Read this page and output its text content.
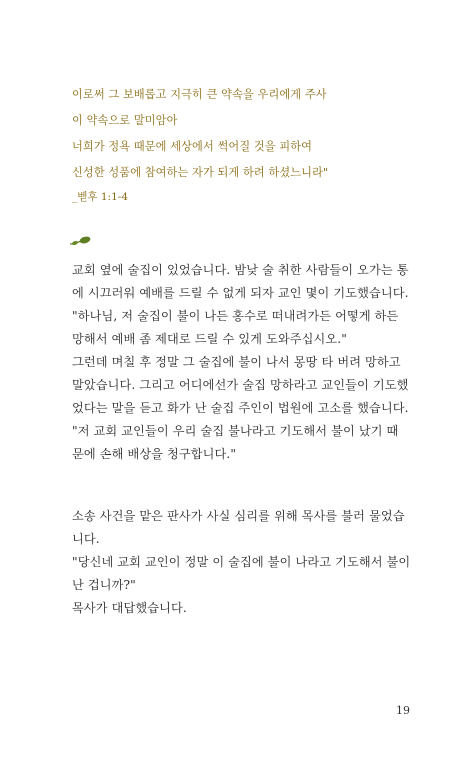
이로써 그 보배롭고 지극히 큰 약속을 우리에게 주사
이 약속으로 말미암아
너희가 정욕 때문에 세상에서 썩어질 것을 피하여
신성한 성품에 참여하는 자가 되게 하려 하셨느니라"
_벧후 1:1-4
교회 옆에 술집이 있었습니다. 밤낮 술 취한 사람들이 오가는 통
에 시끄러워 예배를 드릴 수 없게 되자 교인 몇이 기도했습니다.
"하나님, 저 술집이 불이 나든 홍수로 떠내려가든 어떻게 하든
망해서 예배 좀 제대로 드릴 수 있게 도와주십시오."
그런데 며칠 후 정말 그 술집에 불이 나서 몽땅 타 버려 망하고
말았습니다. 그리고 어디에선가 술집 망하라고 교인들이 기도했
었다는 말을 듣고 화가 난 술집 주인이 법원에 고소를 했습니다.
"저 교회 교인들이 우리 술집 불나라고 기도해서 불이 났기 때
문에 손해 배상을 청구합니다."
소송 사건을 맡은 판사가 사실 심리를 위해 목사를 불러 물었습
니다.
"당신네 교회 교인이 정말 이 술집에 불이 나라고 기도해서 불이
난 겁니까?"
목사가 대답했습니다.
19
